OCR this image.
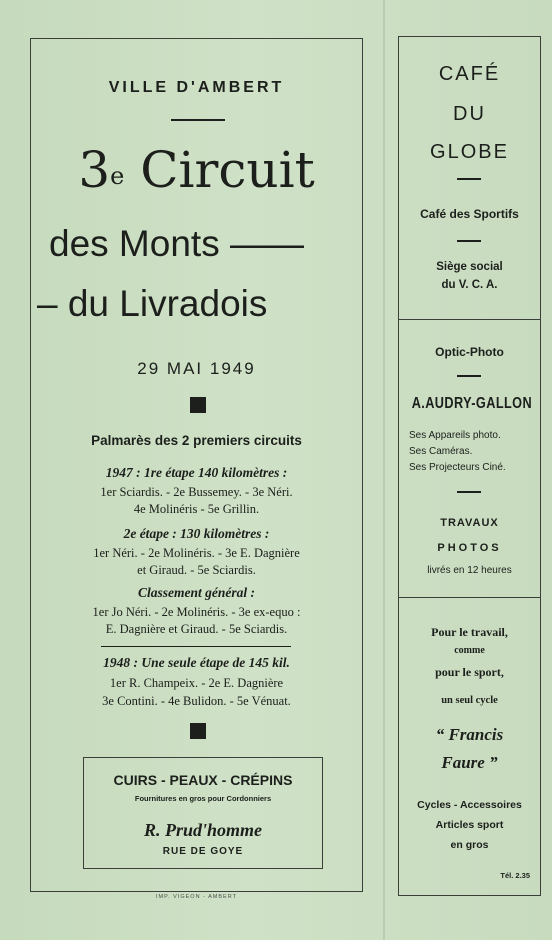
VILLE D'AMBERT
3e Circuit
des Monts ——
– du Livradois
29 MAI 1949
Palmarès des 2 premiers circuits
1947 : 1re étape 140 kilomètres :
1er Sciardis. - 2e Bussemey. - 3e Néri.
4e Molinéris - 5e Grillin.
2e étape : 130 kilomètres :
1er Néri. - 2e Molinéris. - 3e E. Dagnière
et Giraud. - 5e Sciardis.
Classement général :
1er Jo Néri. - 2e Molinéris. - 3e ex-equo :
E. Dagnière et Giraud. - 5e Sciardis.
1948 : Une seule étape de 145 kil.
1er R. Champeix. - 2e E. Dagnière
3e Contini. - 4e Bulidon. - 5e Vénuat.
CUIRS - PEAUX - CRÉPINS
Fournitures en gros pour Cordonniers
R. Prud'homme
RUE DE GOYE
IMP. VIGEON - AMBERT
CAFÉ
DU
GLOBE
Café des Sportifs
Siège social
du V. C. A.
Optic-Photo
A.AUDRY-GALLON
Ses Appareils photo.
Ses Caméras.
Ses Projecteurs Ciné.
TRAVAUX
PHOTOS
livrés en 12 heures
Pour le travail,
comme
pour le sport,
un seul cycle
“ Francis
Faure ”
Cycles - Accessoires
Articles sport
en gros
Tél. 2.35
